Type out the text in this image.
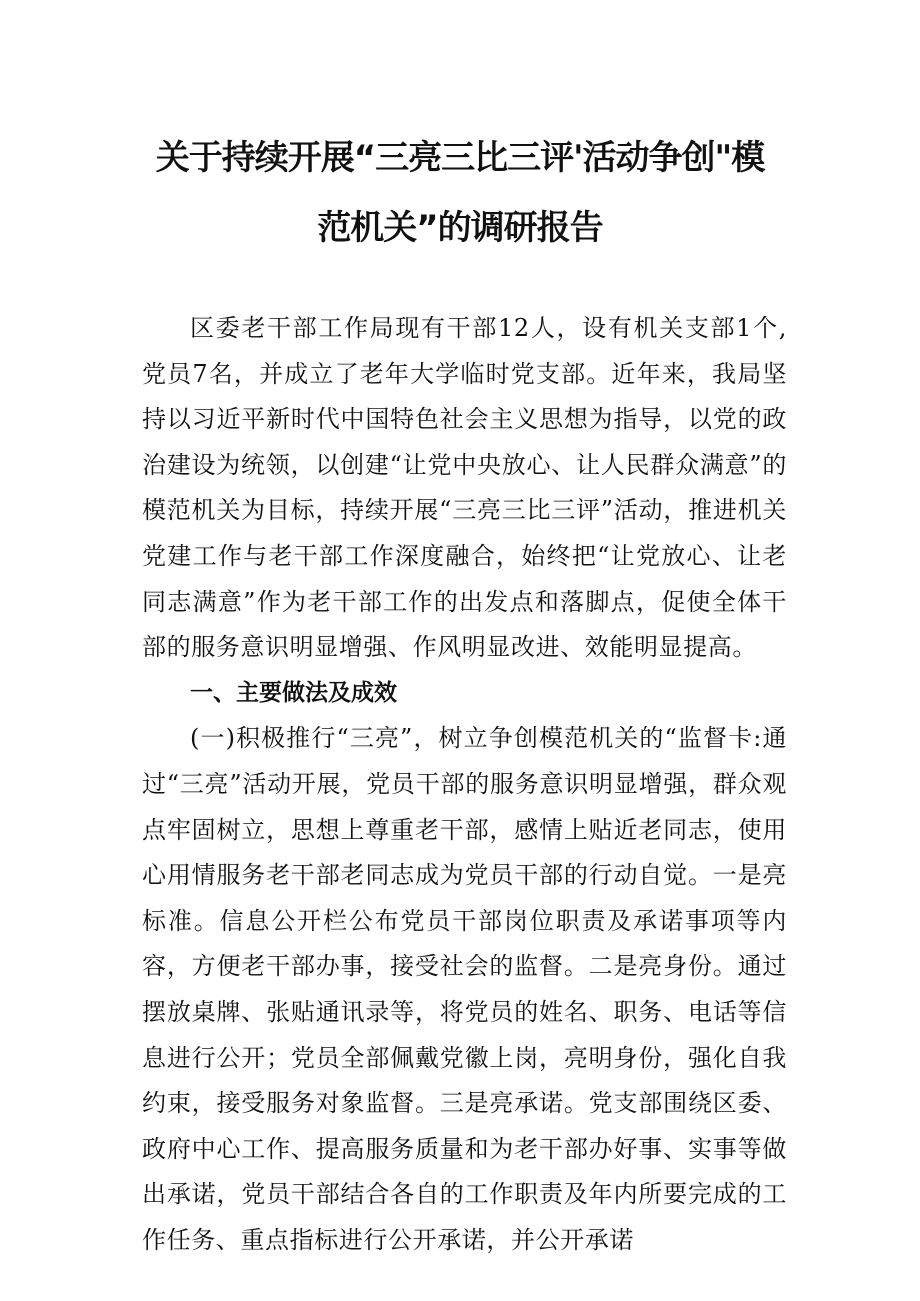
关于持续开展“三亮三比三评'活动争创"模
范机关”的调研报告

区委老干部工作局现有干部12人，设有机关支部1个,党员7名，并成立了老年大学临时党支部。近年来，我局坚持以习近平新时代中国特色社会主义思想为指导，以党的政治建设为统领，以创建“让党中央放心、让人民群众满意”的模范机关为目标，持续开展“三亮三比三评”活动，推进机关党建工作与老干部工作深度融合，始终把“让党放心、让老同志满意”作为老干部工作的出发点和落脚点，促使全体干部的服务意识明显增强、作风明显改进、效能明显提高。

一、主要做法及成效

(一)积极推行“三亮”，树立争创模范机关的“监督卡:通过“三亮”活动开展，党员干部的服务意识明显增强，群众观点牢固树立，思想上尊重老干部，感情上贴近老同志，使用心用情服务老干部老同志成为党员干部的行动自觉。一是亮标准。信息公开栏公布党员干部岗位职责及承诺事项等内容，方便老干部办事，接受社会的监督。二是亮身份。通过摆放桌牌、张贴通讯录等，将党员的姓名、职务、电话等信息进行公开；党员全部佩戴党徽上岗，亮明身份，强化自我约束，接受服务对象监督。三是亮承诺。党支部围绕区委、政府中心工作、提高服务质量和为老干部办好事、实事等做出承诺，党员干部结合各自的工作职责及年内所要完成的工作任务、重点指标进行公开承诺，并公开承诺
